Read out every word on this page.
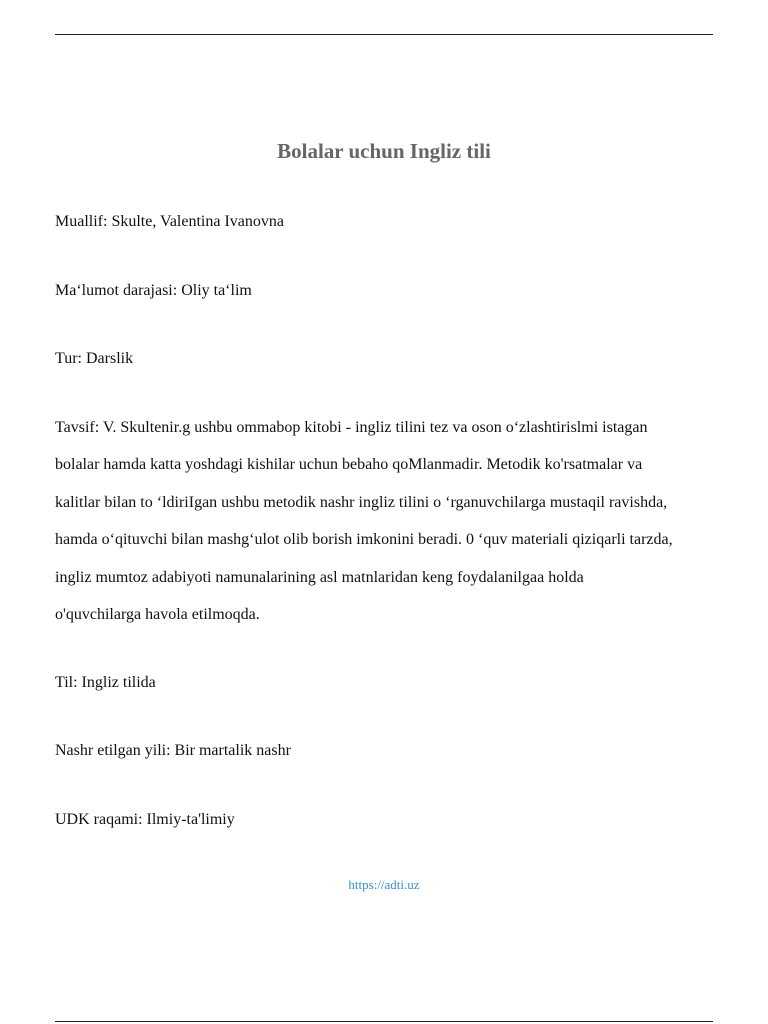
Bolalar uchun Ingliz tili
Muallif: Skulte, Valentina Ivanovna
Maʻlumot darajasi: Oliy taʻlim
Tur: Darslik
Tavsif: V. Skultenir.g ushbu ommabop kitobi - ingliz tilini tez va oson oʻzlashtirislmi istagan
bolalar hamda katta yoshdagi kishilar uchun bebaho qoMlanmadir. Metodik ko'rsatmalar va
kalitlar bilan to ‘ldiriIgan ushbu metodik nashr ingliz tilini o ‘rganuvchilarga mustaqil ravishda,
hamda oʻqituvchi bilan mashgʻulot olib borish imkonini beradi. 0 ‘quv materiali qiziqarli tarzda,
ingliz mumtoz adabiyoti namunalarining asl matnlaridan keng foydalanilgaa holda
o'quvchilarga havola etilmoqda.
Til: Ingliz tilida
Nashr etilgan yili: Bir martalik nashr
UDK raqami: Ilmiy-ta'limiy
https://adti.uz
